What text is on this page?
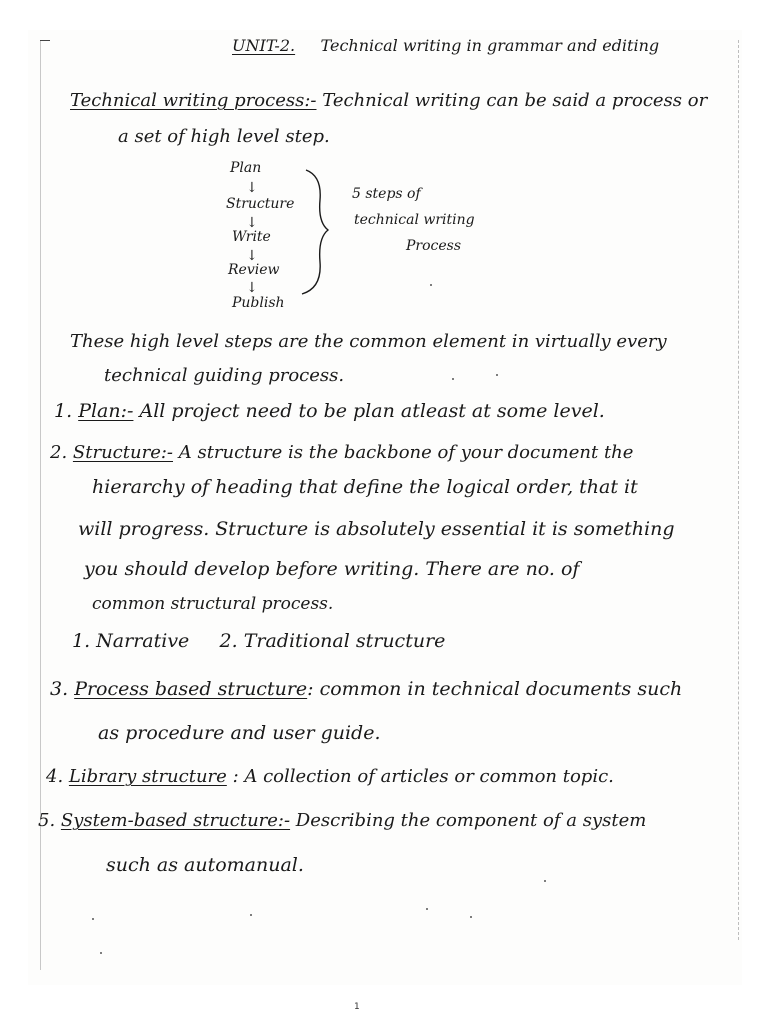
UNIT-2. Technical writing in grammar and editing
Technical writing process:- Technical writing can be said a process or
a set of high level step.
Plan
↓
Structure
↓
Write
↓
Review
↓
Publish
5 steps of
technical writing
Process
These high level steps are the common element in virtually every
technical guiding process.
1. Plan:- All project need to be plan atleast at some level.
2. Structure:- A structure is the backbone of your document the
hierarchy of heading that define the logical order, that it
will progress. Structure is absolutely essential it is something
you should develop before writing. There are no. of
common structural process.
1. Narrative 2. Traditional structure
3. Process based structure: common in technical documents such
as procedure and user guide.
4. Library structure : A collection of articles or common topic.
5. System-based structure:- Describing the component of a system
such as automanual.
1
